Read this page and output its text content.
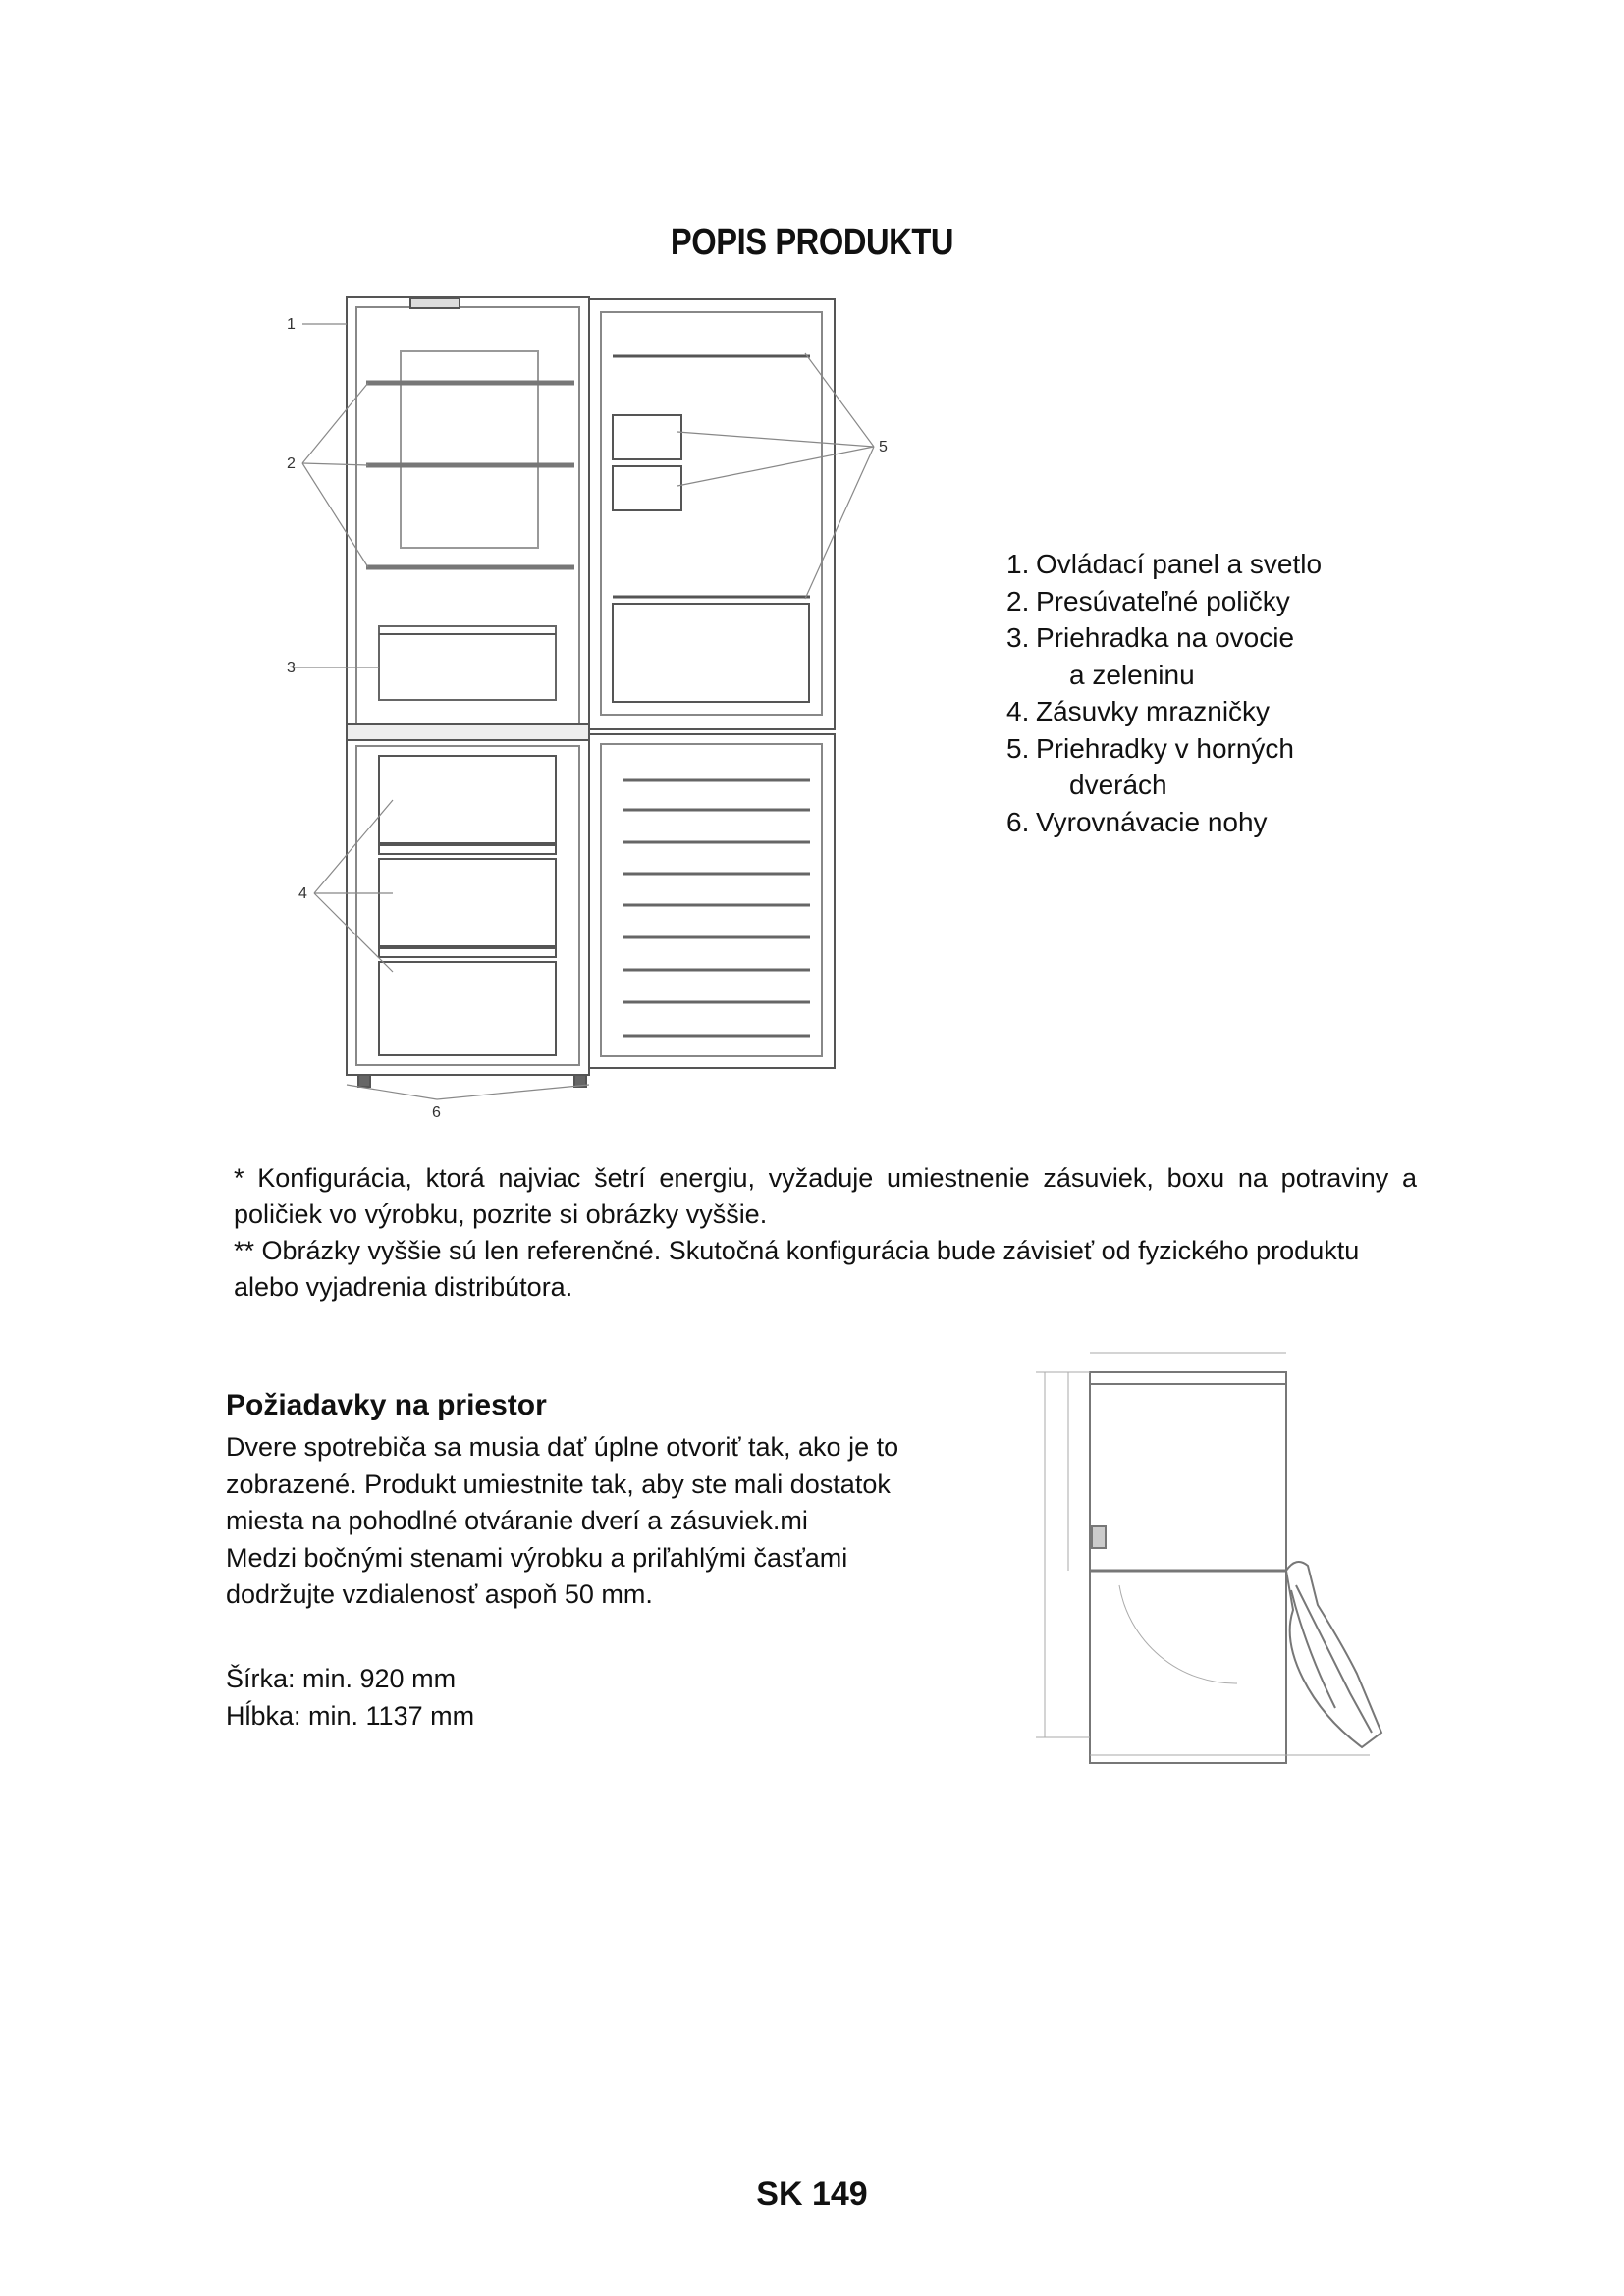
POPIS PRODUKTU
1
2
3
4
5
6
1. Ovládací panel a svetlo
2. Presúvateľné poličky
3. Priehradka na ovocie
a zeleninu
4. Zásuvky mrazničky
5. Priehradky v horných
dverách
6. Vyrovnávacie nohy

* Konfigurácia, ktorá najviac šetrí energiu, vyžaduje umiestnenie zásuviek, boxu na potraviny a poličiek vo výrobku, pozrite si obrázky vyššie.

** Obrázky vyššie sú len referenčné. Skutočná konfigurácia bude závisieť od fyzického produktu alebo vyjadrenia distribútora.

Požiadavky na priestor

Dvere spotrebiča sa musia dať úplne otvoriť tak, ako je to zobrazené. Produkt umiestnite tak, aby ste mali dostatok miesta na pohodlné otváranie dverí a zásuviek.mi

Medzi bočnými stenami výrobku a priľahlými časťami dodržujte vzdialenosť aspoň 50 mm.

Šírka: min. 920 mm

Hĺbka: min. 1137 mm

SK 149
